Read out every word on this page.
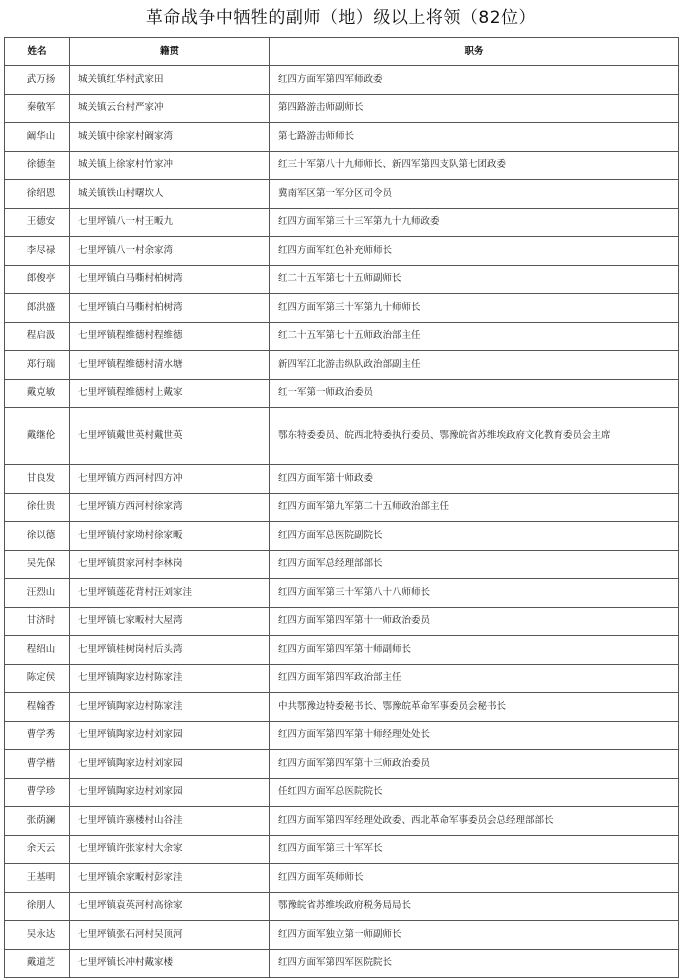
革命战争中牺牲的副师（地）级以上将领（82位）
姓名	籍贯	职务
武万扬	城关镇红华村武家田	红四方面军第四军师政委
秦敬军	城关镇云台村严家冲	第四路游击师副师长
阚华山	城关镇中徐家村阚家湾	第七路游击师师长
徐德奎	城关镇上徐家村竹家冲	红三十军第八十九师师长、新四军第四支队第七团政委
徐绍恩	城关镇铁山村曙坎人	冀南军区第一军分区司令员
王德安	七里坪镇八一村王畈九	红四方面军第三十三军第九十九师政委
李尽禄	七里坪镇八一村余家湾	红四方面军红色补充师师长
郎俊亭	七里坪镇白马嘶村柏树湾	红二十五军第七十五师副师长
郎洪盛	七里坪镇白马嘶村柏树湾	红四方面军第三十军第九十师师长
程启汲	七里坪镇程维德村程维德	红二十五军第七十五师政治部主任
郑行瑞	七里坪镇程维德村清水塘	新四军江北游击纵队政治部副主任
戴克敏	七里坪镇程维德村上戴家	红一军第一师政治委员
戴继伦	七里坪镇戴世英村戴世英	鄂东特委委员、皖西北特委执行委员、鄂豫皖省苏维埃政府文化教育委员会主席
甘良发	七里坪镇方西河村四方冲	红四方面军第十师政委
徐仕贵	七里坪镇方西河村徐家湾	红四方面军第九军第二十五师政治部主任
徐以德	七里坪镇付家坳村徐家畈	红四方面军总医院副院长
吴先保	七里坪镇贯家河村李林岗	红四方面军总经理部部长
汪烈山	七里坪镇莲花背村汪刘家洼	红四方面军第三十军第八十八师师长
甘济时	七里坪镇七家畈村大屋湾	红四方面军第四军第十一师政治委员
程绍山	七里坪镇桂树岗村后头湾	红四方面军第四军第十师副师长
陈定侯	七里坪镇陶家边村陈家洼	红四方面军第四军政治部主任
程翰香	七里坪镇陶家边村陈家洼	中共鄂豫边特委秘书长、鄂豫皖革命军事委员会秘书长
曹学秀	七里坪镇陶家边村刘家园	红四方面军第四军第十师经理处处长
曹学楷	七里坪镇陶家边村刘家园	红四方面军第四军第十三师政治委员
曹学珍	七里坪镇陶家边村刘家园	任红四方面军总医院院长
张荫澜	七里坪镇许寨楼村山谷洼	红四方面军第四军经理处政委、西北革命军事委员会总经理部部长
余天云	七里坪镇许张家村大余家	红四方面军第三十军军长
王基明	七里坪镇余家畈村彭家洼	红四方面军英师师长
徐朋人	七里坪镇袁英河村高徐家	鄂豫皖省苏维埃政府税务局局长
吴永达	七里坪镇张石河村吴顶河	红四方面军独立第一师副师长
戴道芝	七里坪镇长冲村戴家楼	红四方面军第四军医院院长
